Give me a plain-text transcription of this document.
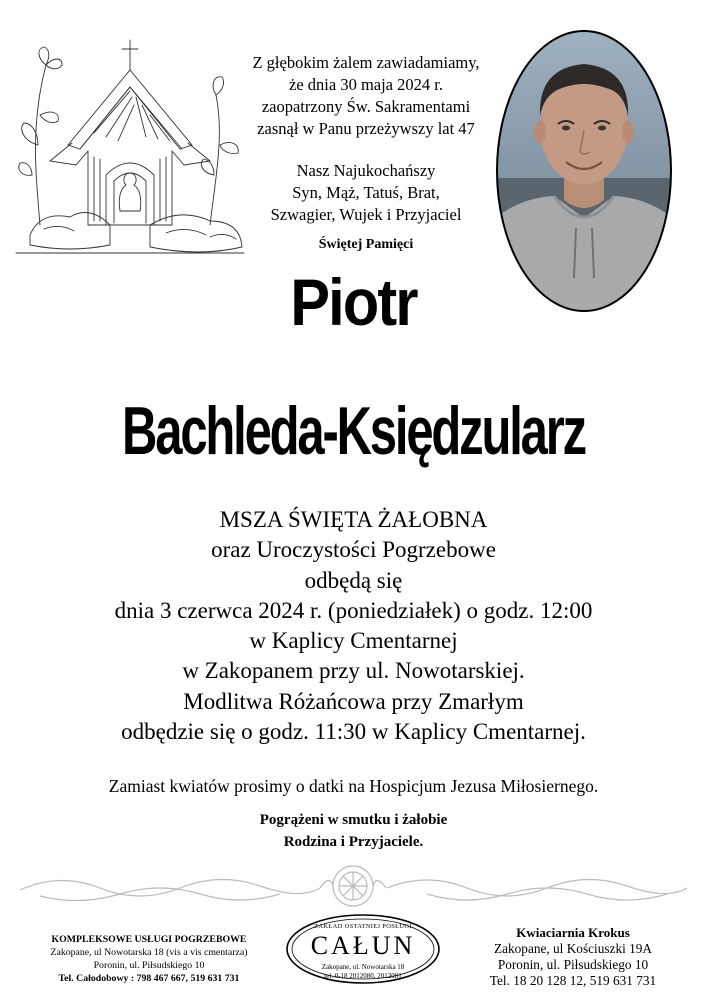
Z głębokim żalem zawiadamiamy,
że dnia 30 maja 2024 r.
zaopatrzony Św. Sakramentami
zasnął w Panu przeżywszy lat 47
Nasz Najukochańszy
Syn, Mąż, Tatuś, Brat,
Szwagier, Wujek i Przyjaciel
Świętej Pamięci
Piotr
Bachleda-Księdzularz
MSZA ŚWIĘTA ŻAŁOBNA
oraz Uroczystości Pogrzebowe
odbędą się
dnia 3 czerwca 2024 r. (poniedziałek) o godz. 12:00
w Kaplicy Cmentarnej
w Zakopanem przy ul. Nowotarskiej.
Modlitwa Różańcowa przy Zmarłym
odbędzie się o godz. 11:30 w Kaplicy Cmentarnej.
Zamiast kwiatów prosimy o datki na Hospicjum Jezusa Miłosiernego.
Pogrążeni w smutku i żałobie
Rodzina i Przyjaciele.
KOMPLEKSOWE USŁUGI POGRZEBOWE
Zakopane, ul Nowotarska 18 (vis a vis cmentarza)
Poronin, ul. Piłsudskiego 10
Tel. Całodobowy : 798 467 667, 519 631 731
ZAKŁAD OSTATNIEJ POSŁUGI
CAŁUN
Zakopane, ul. Nowotarska 18
tel. 0-18 2012080, 2012081
Kwiaciarnia Krokus
Zakopane, ul Kościuszki 19A
Poronin, ul. Piłsudskiego 10
Tel. 18 20 128 12, 519 631 731
